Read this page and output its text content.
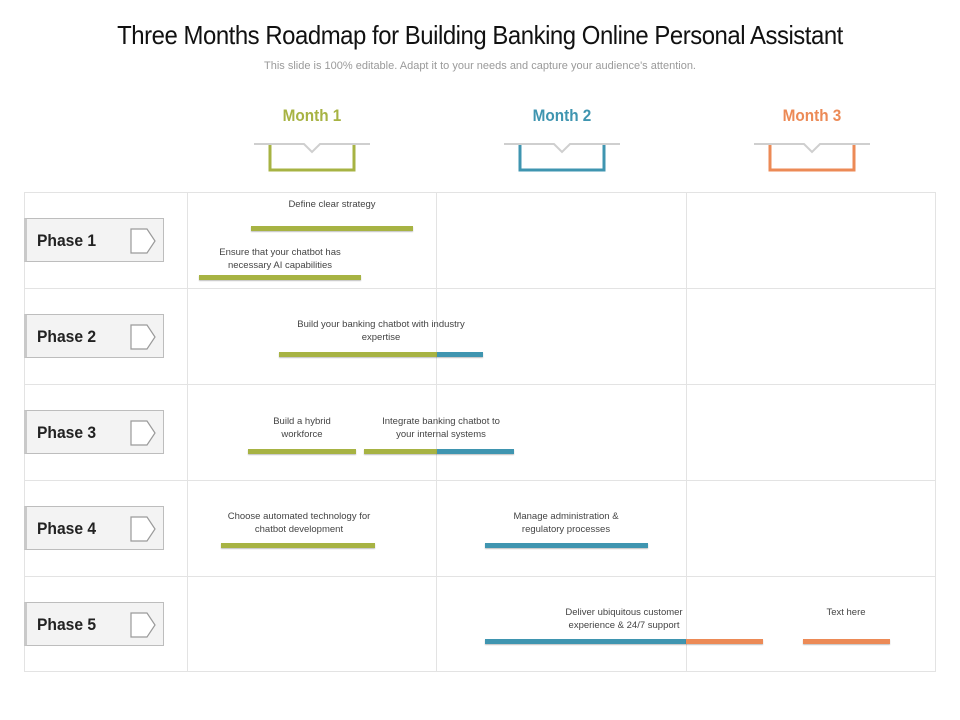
Three Months Roadmap for Building Banking Online Personal Assistant
This slide is 100% editable. Adapt it to your needs and capture your audience's attention.
Month 1	Month 2	Month 3
Phase 1
Phase 2
Phase 3
Phase 4
Phase 5
Define clear strategy
Ensure that your chatbot has necessary AI capabilities
Build your banking chatbot with industry expertise
Build a hybrid workforce
Integrate banking chatbot to your internal systems
Choose automated technology for chatbot development
Manage administration & regulatory processes
Deliver ubiquitous customer experience & 24/7 support
Text here
